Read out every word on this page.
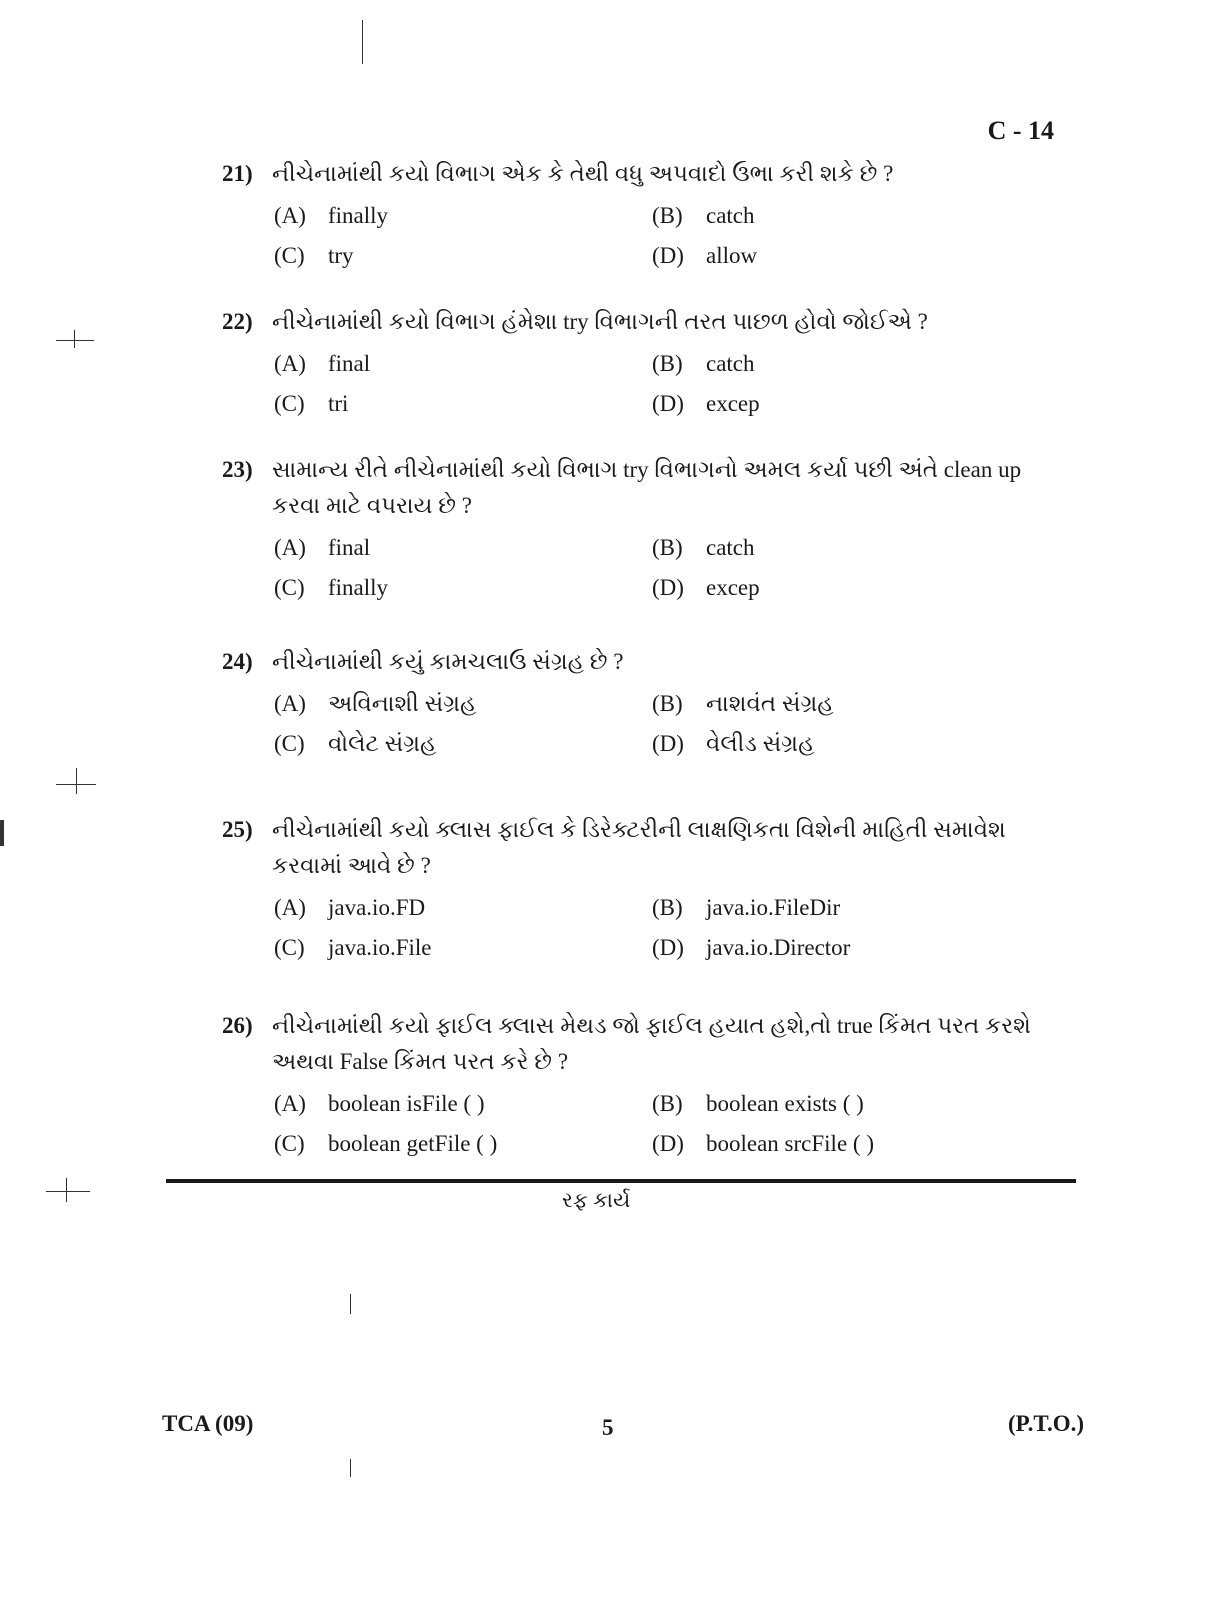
C - 14
21) નીચેનામાંથી કયો વિભાગ એક કે તેથી વધુ અપવાદો ઉભા કરી શકે છે ?
(A) finally	(B)	catch
(C)	try	(D) allow
22) નીચેનામાંથી કયો વિભાગ હંમેશા try વિભાગની તરત પાછળ હોવો જોઈએ ?
(A) final	(B)	catch
(C)	tri	(D) excep
23) સામાન્ય રીતે નીચેનામાંથી કયો વિભાગ try વિભાગનો અમલ કર્યા પછી અંતે clean up કરવા માટે વપરાય છે ?
(A) final	(B)	catch
(C)	finally	(D) excep
24) નીચેનામાંથી કયું કામચલાઉ સંગ્રહ છે ?
(A) અવિનાશી સંગ્રહ	(B)	નાશવંત સંગ્રહ
(C)	વોલેટ સંગ્રહ	(D) વેલીડ સંગ્રહ
25) નીચેનામાંથી કયો ક્લાસ ફાઈલ કે ડિરેક્ટરીની લાક્ષણિકતા વિશેની માહિતી સમાવેશ કરવામાં આવે છે ?
(A) java.io.FD	(B)	java.io.FileDir
(C)	java.io.File	(D) java.io.Director
26) નીચેનામાંથી કયો ફાઈલ ક્લાસ મેથડ જો ફાઈલ હયાત હશે,તો true કિંમત પરત કરશે અથવા False કિંમત પરત કરે છે ?
(A) boolean isFile ( )	(B)	boolean exists ( )
(C)	boolean getFile ( )	(D) boolean srcFile ( )
રફ કાર્ય
TCA (09)	5	(P.T.O.)
